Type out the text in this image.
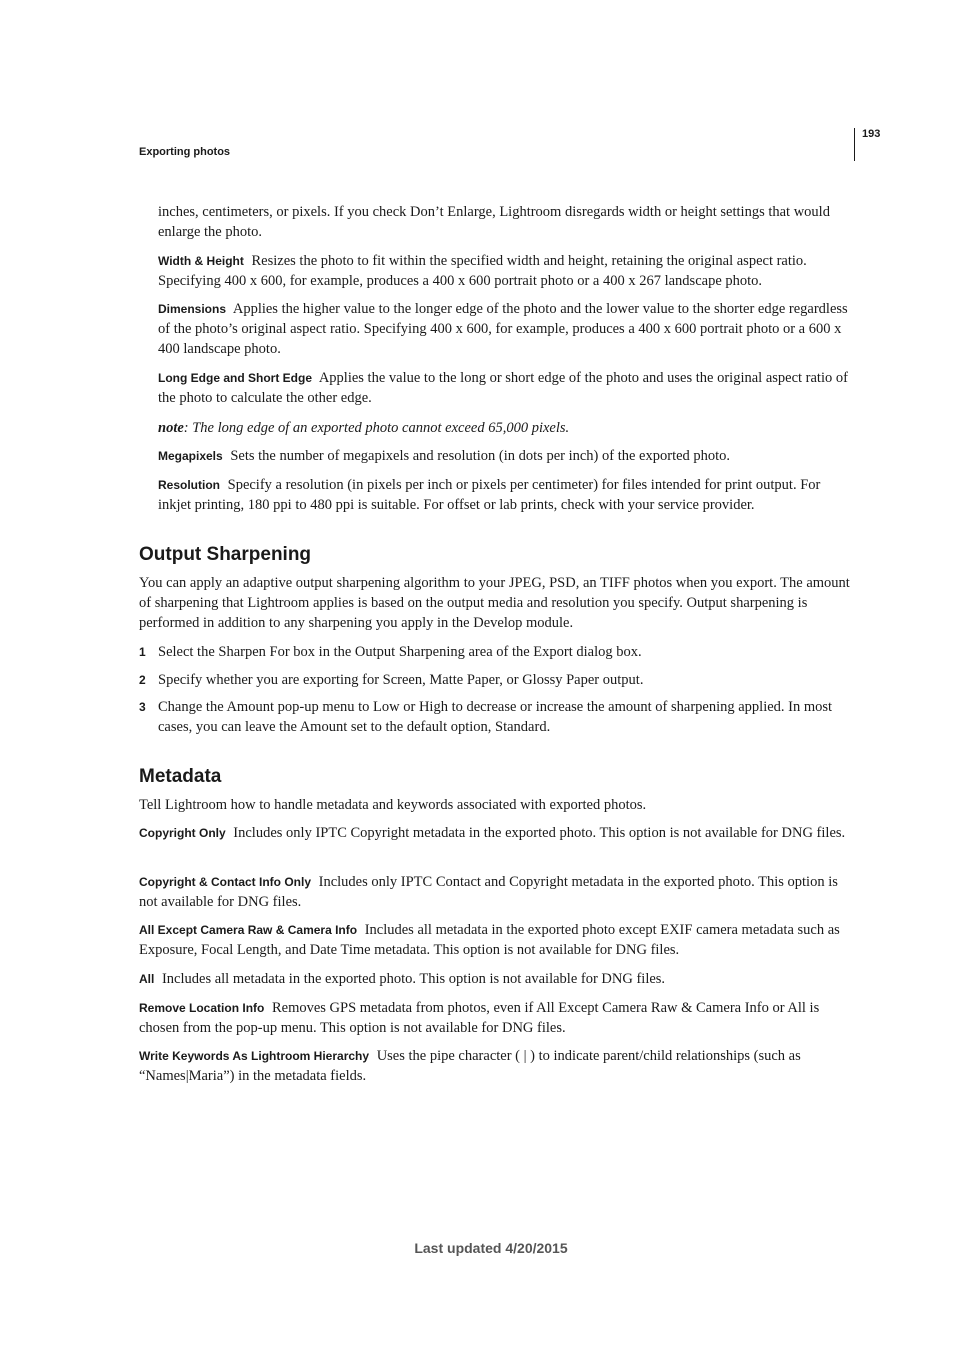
Exporting photos
193

inches, centimeters, or pixels. If you check Don’t Enlarge, Lightroom disregards width or height settings that would enlarge the photo.

Width & Height Resizes the photo to fit within the specified width and height, retaining the original aspect ratio. Specifying 400 x 600, for example, produces a 400 x 600 portrait photo or a 400 x 267 landscape photo.

Dimensions Applies the higher value to the longer edge of the photo and the lower value to the shorter edge regardless of the photo’s original aspect ratio. Specifying 400 x 600, for example, produces a 400 x 600 portrait photo or a 600 x 400 landscape photo.

Long Edge and Short Edge Applies the value to the long or short edge of the photo and uses the original aspect ratio of the photo to calculate the other edge.

note: The long edge of an exported photo cannot exceed 65,000 pixels.

Megapixels Sets the number of megapixels and resolution (in dots per inch) of the exported photo.

Resolution Specify a resolution (in pixels per inch or pixels per centimeter) for files intended for print output. For inkjet printing, 180 ppi to 480 ppi is suitable. For offset or lab prints, check with your service provider.

Output Sharpening

You can apply an adaptive output sharpening algorithm to your JPEG, PSD, an TIFF photos when you export. The amount of sharpening that Lightroom applies is based on the output media and resolution you specify. Output sharpening is performed in addition to any sharpening you apply in the Develop module.

1 Select the Sharpen For box in the Output Sharpening area of the Export dialog box.
2 Specify whether you are exporting for Screen, Matte Paper, or Glossy Paper output.
3 Change the Amount pop-up menu to Low or High to decrease or increase the amount of sharpening applied. In most cases, you can leave the Amount set to the default option, Standard.
Metadata

Tell Lightroom how to handle metadata and keywords associated with exported photos.

Copyright Only Includes only IPTC Copyright metadata in the exported photo. This option is not available for DNG files.

Copyright & Contact Info Only Includes only IPTC Contact and Copyright metadata in the exported photo. This option is not available for DNG files.

All Except Camera Raw & Camera Info Includes all metadata in the exported photo except EXIF camera metadata such as Exposure, Focal Length, and Date Time metadata. This option is not available for DNG files.

All Includes all metadata in the exported photo. This option is not available for DNG files.

Remove Location Info Removes GPS metadata from photos, even if All Except Camera Raw & Camera Info or All is chosen from the pop-up menu. This option is not available for DNG files.

Write Keywords As Lightroom Hierarchy Uses the pipe character ( | ) to indicate parent/child relationships (such as “Names|Maria”) in the metadata fields.

Last updated 4/20/2015
